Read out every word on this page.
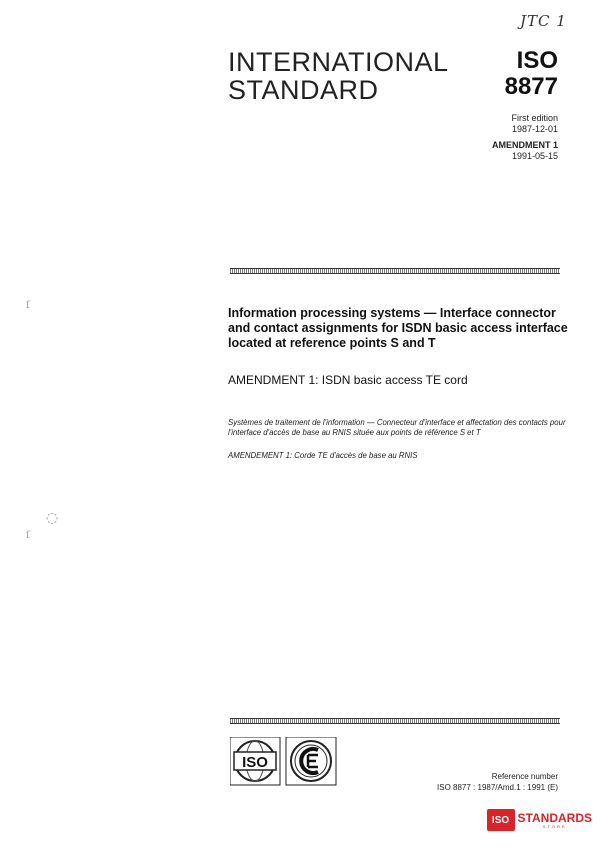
JTC 1
INTERNATIONAL
STANDARD
ISO
8877
First edition
1987-12-01
AMENDMENT 1
1991-05-15
ſ
◌
ſ
Information processing systems — Interface connector and contact assignments for ISDN basic access interface located at reference points S and T
AMENDMENT 1: ISDN basic access TE cord
Systèmes de traitement de l'information — Connecteur d'interface et affectation des contacts pour l'interface d'accès de base au RNIS située aux points de référence S et T
AMENDEMENT 1: Corde TE d'accès de base au RNIS
ISO
Reference number
ISO 8877 : 1987/Amd.1 : 1991 (E)
ISO STANDARDS
STORE
